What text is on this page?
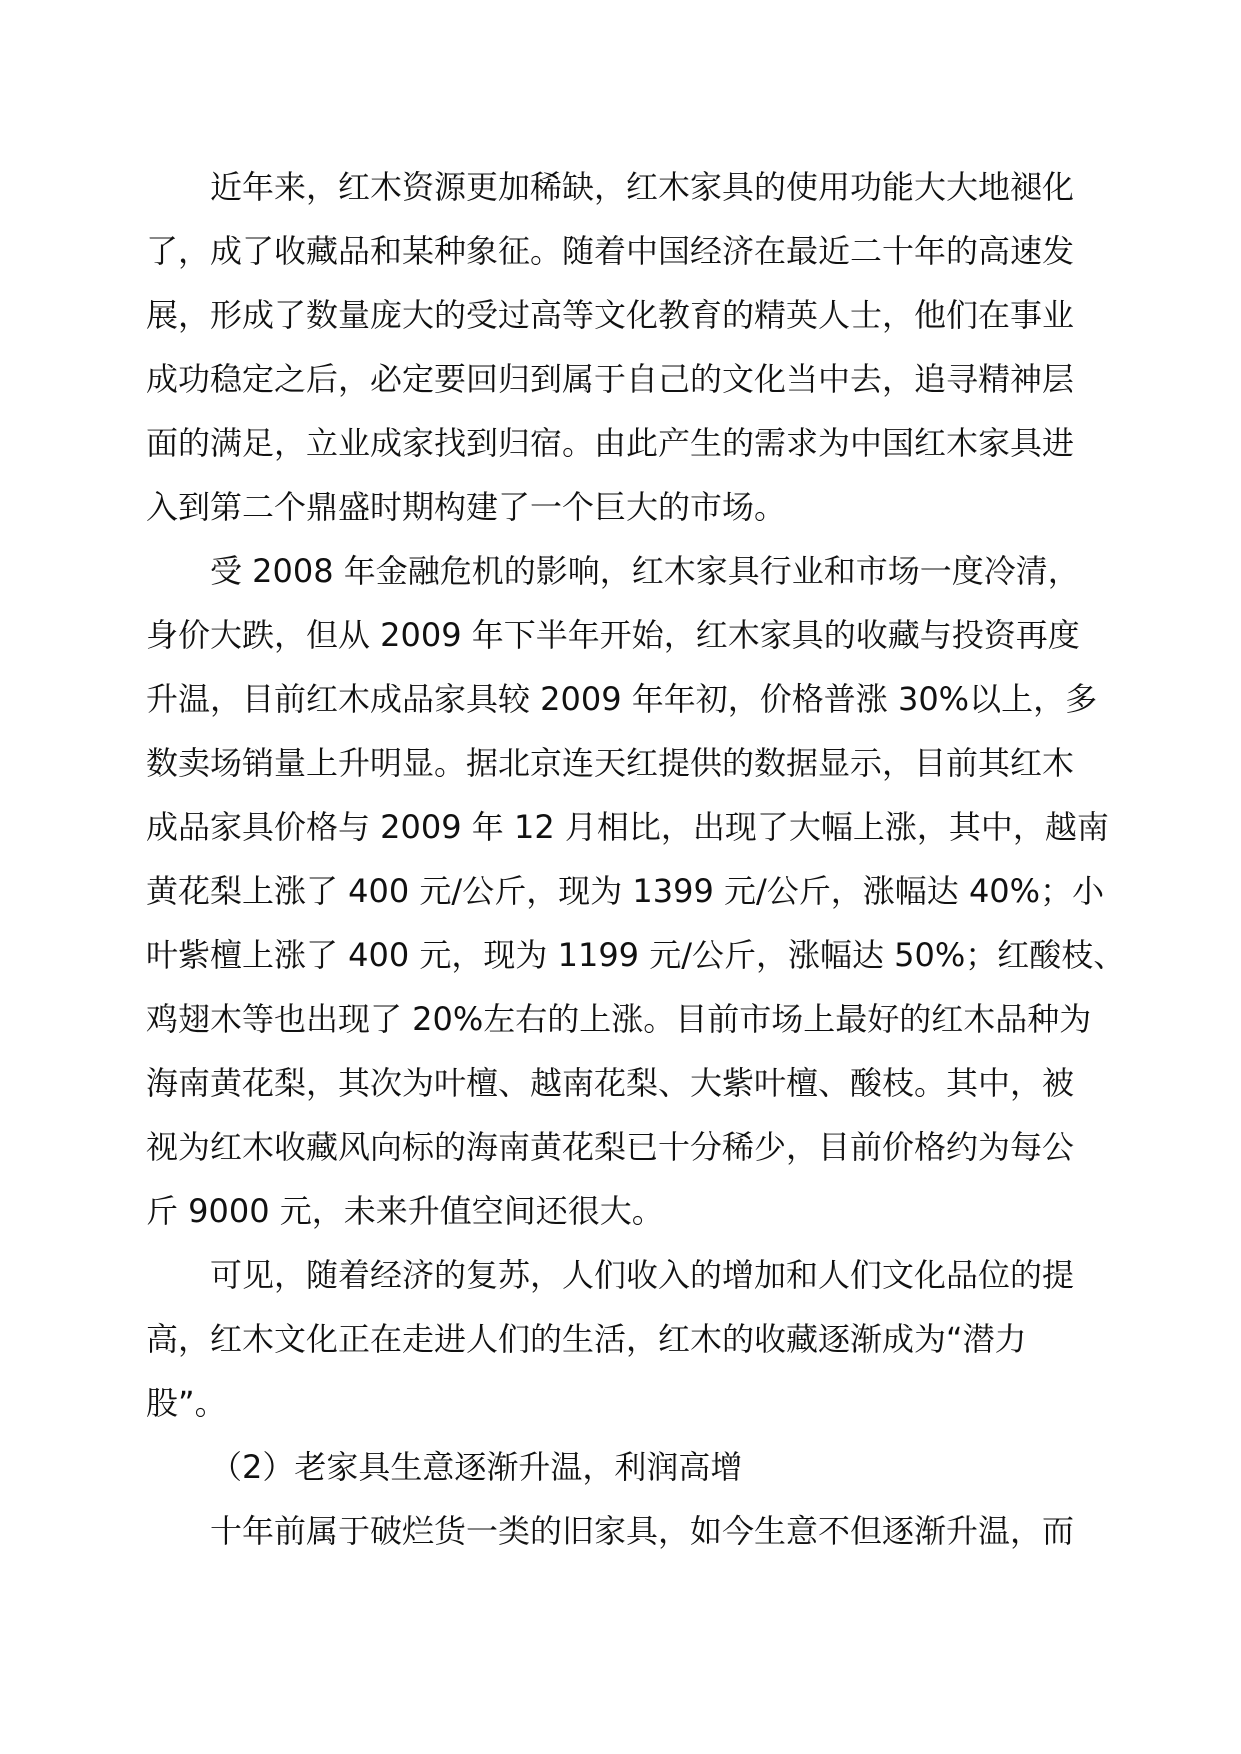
近年来，红木资源更加稀缺，红木家具的使用功能大大地褪化
了，成了收藏品和某种象征。随着中国经济在最近二十年的高速发
展，形成了数量庞大的受过高等文化教育的精英人士，他们在事业
成功稳定之后，必定要回归到属于自己的文化当中去，追寻精神层
面的满足，立业成家找到归宿。由此产生的需求为中国红木家具进
入到第二个鼎盛时期构建了一个巨大的市场。
受 2008 年金融危机的影响，红木家具行业和市场一度冷清，
身价大跌，但从 2009 年下半年开始，红木家具的收藏与投资再度
升温，目前红木成品家具较 2009 年年初，价格普涨 30%以上，多
数卖场销量上升明显。据北京连天红提供的数据显示，目前其红木
成品家具价格与 2009 年 12 月相比，出现了大幅上涨，其中，越南
黄花梨上涨了 400 元/公斤，现为 1399 元/公斤，涨幅达 40%；小
叶紫檀上涨了 400 元，现为 1199 元/公斤，涨幅达 50%；红酸枝、
鸡翅木等也出现了 20%左右的上涨。目前市场上最好的红木品种为
海南黄花梨，其次为叶檀、越南花梨、大紫叶檀、酸枝。其中，被
视为红木收藏风向标的海南黄花梨已十分稀少，目前价格约为每公
斤 9000 元，未来升值空间还很大。
可见，随着经济的复苏，人们收入的增加和人们文化品位的提
高，红木文化正在走进人们的生活，红木的收藏逐渐成为“潜力
股”。
（2）老家具生意逐渐升温，利润高增
十年前属于破烂货一类的旧家具，如今生意不但逐渐升温，而
